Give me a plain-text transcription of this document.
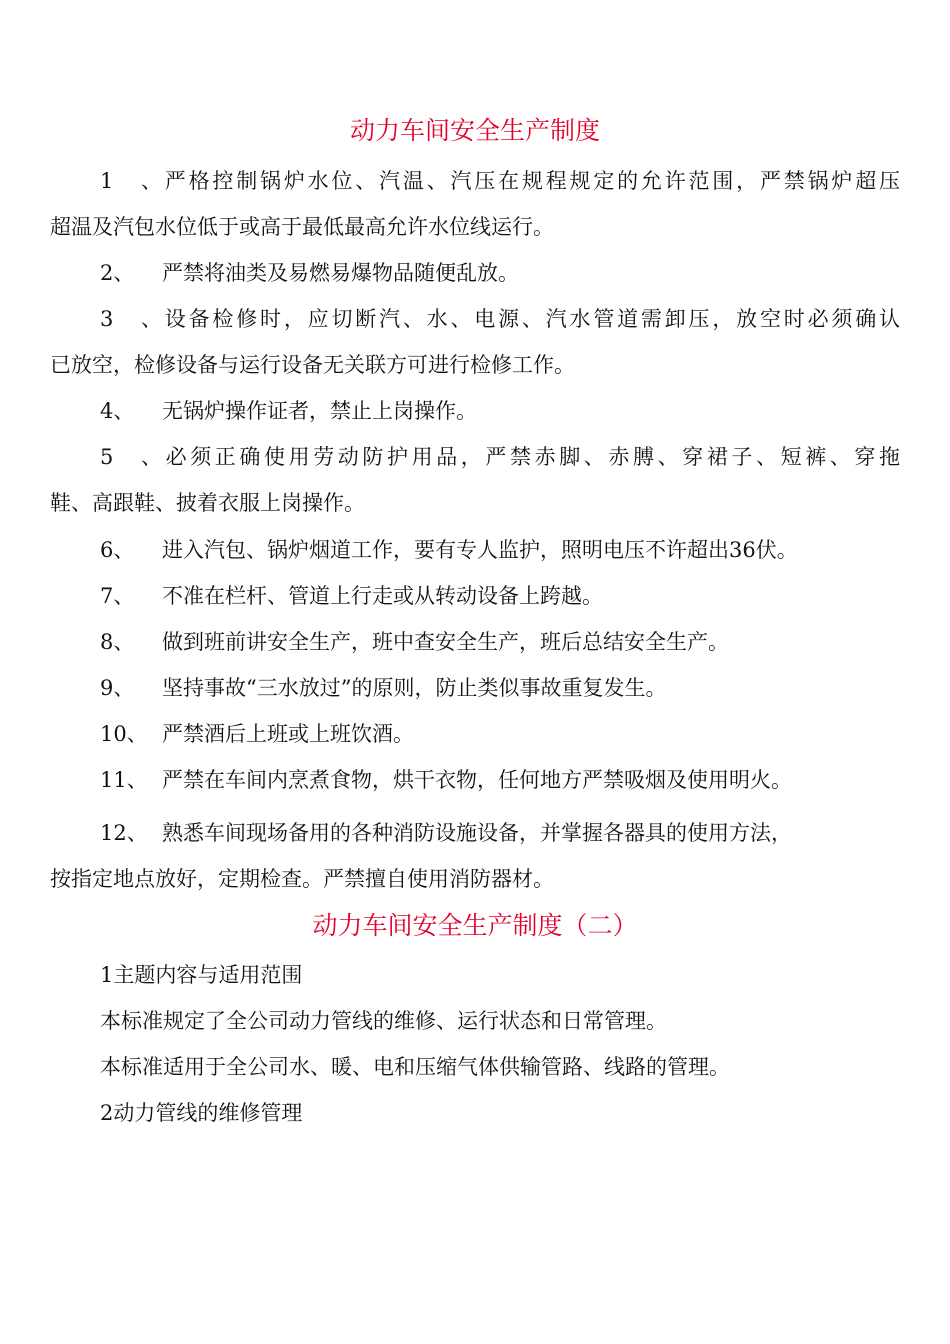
动力车间安全生产制度
1、严格控制锅炉水位、汽温、汽压在规程规定的允许范围，严禁锅炉超压
超温及汽包水位低于或高于最低最高允许水位线运行。
2、 严禁将油类及易燃易爆物品随便乱放。
3、设备检修时，应切断汽、水、电源、汽水管道需卸压，放空时必须确认
已放空，检修设备与运行设备无关联方可进行检修工作。
4、 无锅炉操作证者，禁止上岗操作。
5、必须正确使用劳动防护用品，严禁赤脚、赤膊、穿裙子、短裤、穿拖
鞋、高跟鞋、披着衣服上岗操作。
6、 进入汽包、锅炉烟道工作，要有专人监护，照明电压不许超出36伏。
7、 不准在栏杆、管道上行走或从转动设备上跨越。
8、 做到班前讲安全生产，班中查安全生产，班后总结安全生产。
9、 坚持事故“三水放过”的原则，防止类似事故重复发生。
10、 严禁酒后上班或上班饮酒。
11、 严禁在车间内烹煮食物，烘干衣物，任何地方严禁吸烟及使用明火。
12、 熟悉车间现场备用的各种消防设施设备，并掌握各器具的使用方法，
按指定地点放好，定期检查。严禁擅自使用消防器材。
动力车间安全生产制度（二）

1主题内容与适用范围

本标准规定了全公司动力管线的维修、运行状态和日常管理。

本标准适用于全公司水、暖、电和压缩气体供输管路、线路的管理。

2动力管线的维修管理
